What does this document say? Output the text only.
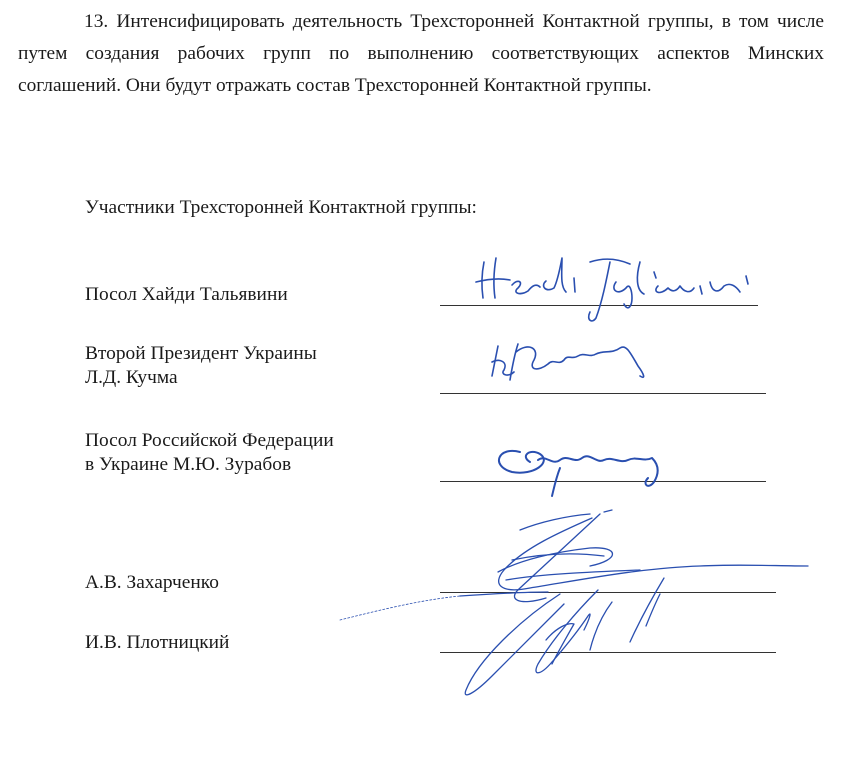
13. Интенсифицировать деятельность Трехсторонней Контактной группы, в том числе путем создания рабочих групп по выполнению соответствующих аспектов Минских соглашений. Они будут отражать состав Трехсторонней Контактной группы.

Участники Трехсторонней Контактной группы:

Посол Хайди Тальявини
Второй Президент Украины
Л.Д. Кучма
Посол Российской Федерации
в Украине М.Ю. Зурабов
А.В. Захарченко
И.В. Плотницкий
